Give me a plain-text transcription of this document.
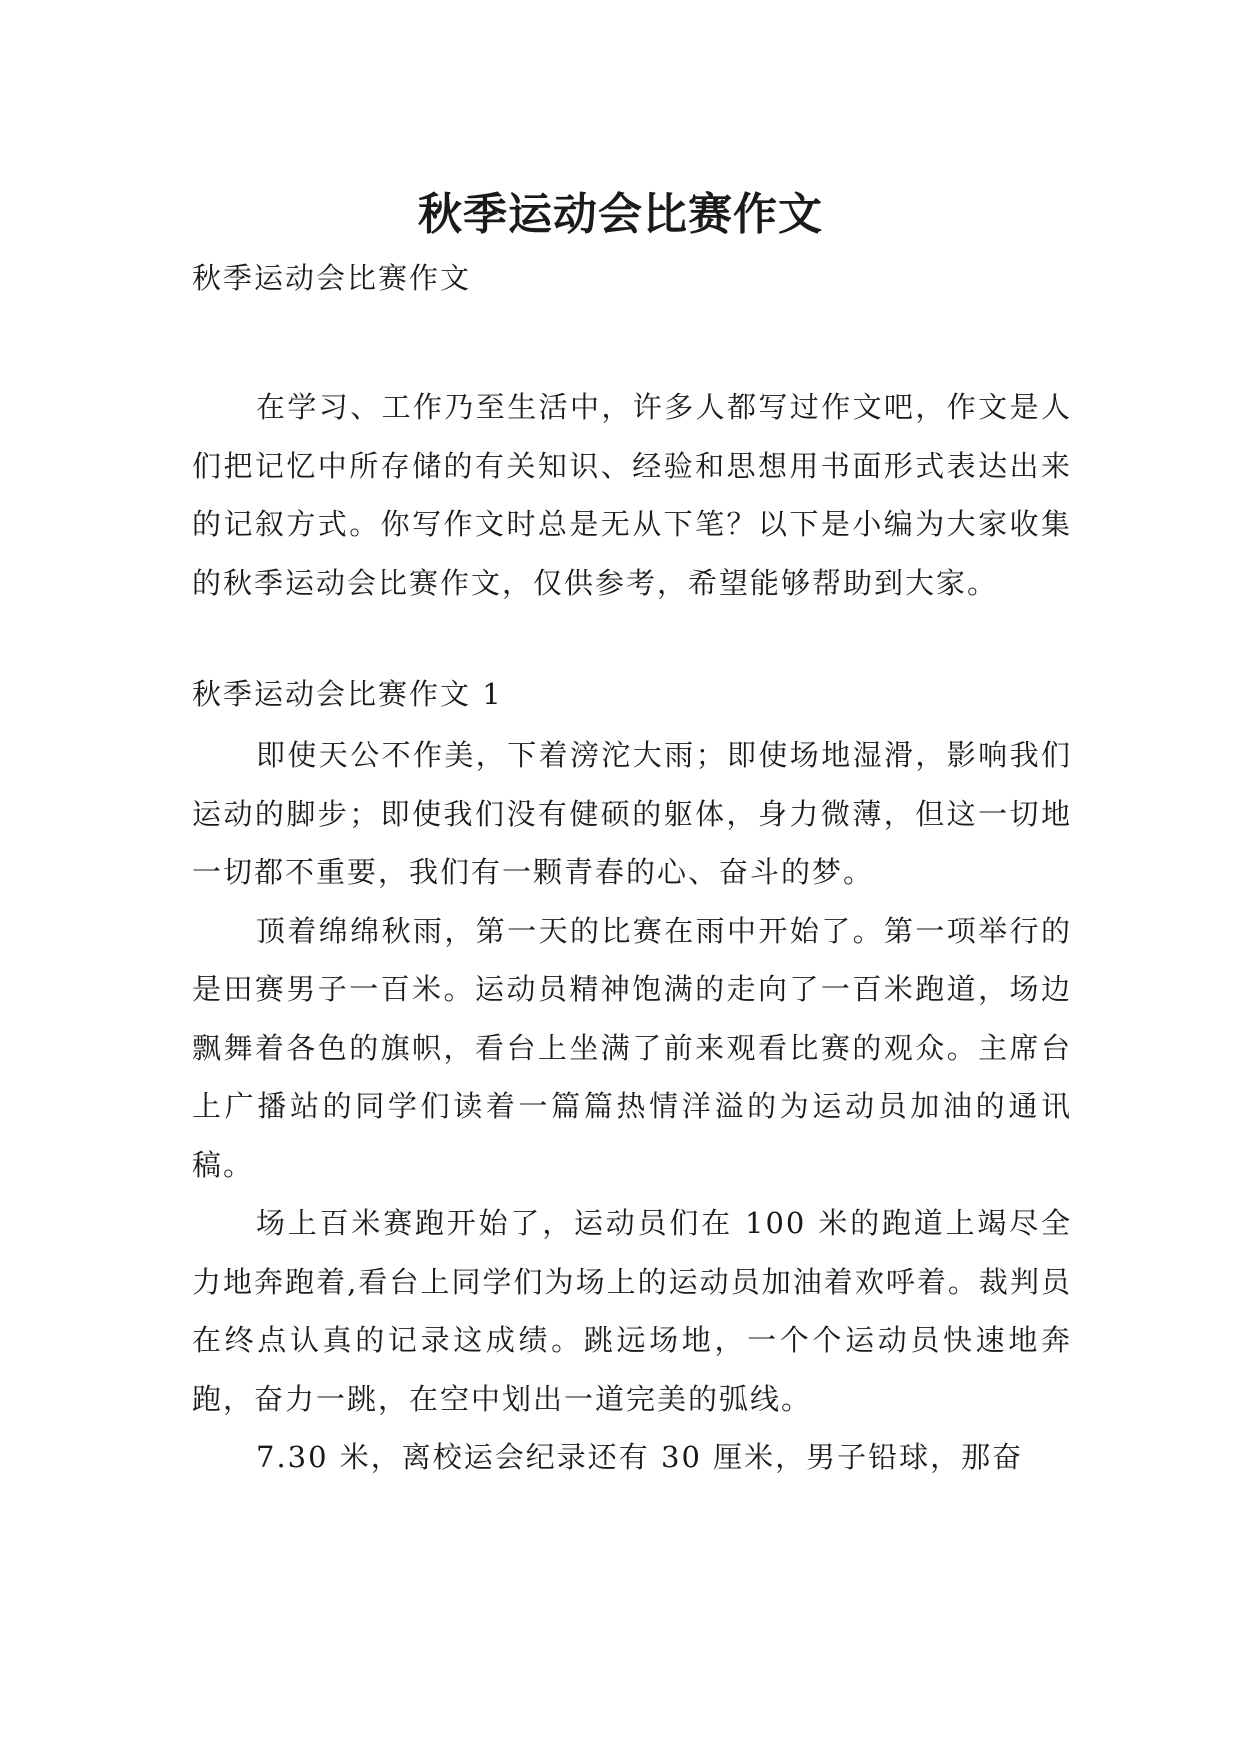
秋季运动会比赛作文

秋季运动会比赛作文

在学习、工作乃至生活中，许多人都写过作文吧，作文是人们把记忆中所存储的有关知识、经验和思想用书面形式表达出来的记叙方式。你写作文时总是无从下笔？以下是小编为大家收集的秋季运动会比赛作文，仅供参考，希望能够帮助到大家。

秋季运动会比赛作文 1

即使天公不作美，下着滂沱大雨；即使场地湿滑，影响我们运动的脚步；即使我们没有健硕的躯体，身力微薄，但这一切地一切都不重要，我们有一颗青春的心、奋斗的梦。

顶着绵绵秋雨，第一天的比赛在雨中开始了。第一项举行的是田赛男子一百米。运动员精神饱满的走向了一百米跑道，场边飘舞着各色的旗帜，看台上坐满了前来观看比赛的观众。主席台上广播站的同学们读着一篇篇热情洋溢的为运动员加油的通讯稿。

场上百米赛跑开始了，运动员们在 100 米的跑道上竭尽全力地奔跑着,看台上同学们为场上的运动员加油着欢呼着。裁判员在终点认真的记录这成绩。跳远场地，一个个运动员快速地奔跑，奋力一跳，在空中划出一道完美的弧线。

7.30 米，离校运会纪录还有 30 厘米，男子铅球，那奋
